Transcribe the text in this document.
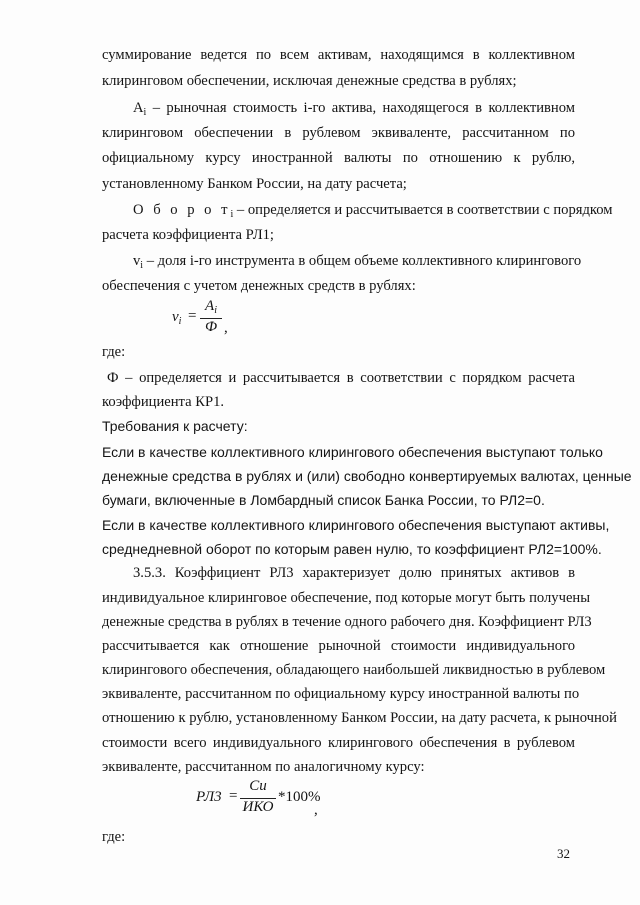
суммирование ведется по всем активам, находящимся в коллективном
клиринговом обеспечении, исключая денежные средства в рублях;
$A_i$ – рыночная стоимость i-го актива, находящегося в коллективном
клиринговом обеспечении в рублевом эквиваленте, рассчитанном по
официальному курсу иностранной валюты по отношению к рублю,
установленному Банком России, на дату расчета;
О б о р о $т_i$ – определяется и рассчитывается в соответствии с порядком
расчета коэффициента РЛ1;
$v_i$ – доля i-го инструмента в общем объеме коллективного клирингового
обеспечения с учетом денежных средств в рублях:
$v_i$ =
$A_i$
Ф ,
где:
Ф – определяется и рассчитывается в соответствии с порядком расчета
коэффициента КР1.
Требования к расчету:
Если в качестве коллективного клирингового обеспечения выступают только
денежные средства в рублях и (или) свободно конвертируемых валютах, ценные
бумаги, включенные в Ломбардный список Банка России, то РЛ2=0.
Если в качестве коллективного клирингового обеспечения выступают активы,
среднедневной оборот по которым равен нулю, то коэффициент РЛ2=100%.
3.5.3. Коэффициент РЛ3 характеризует долю принятых активов в
индивидуальное клиринговое обеспечение, под которые могут быть получены
денежные средства в рублях в течение одного рабочего дня. Коэффициент РЛ3
рассчитывается как отношение рыночной стоимости индивидуального
клирингового обеспечения, обладающего наибольшей ликвидностью в рублевом
эквиваленте, рассчитанном по официальному курсу иностранной валюты по
отношению к рублю, установленному Банком России, на дату расчета, к рыночной
стоимости всего индивидуального клирингового обеспечения в рублевом
эквиваленте, рассчитанном по аналогичному курсу:
РЛ3 =
Си
ИКО
*100%
,
где:
32
